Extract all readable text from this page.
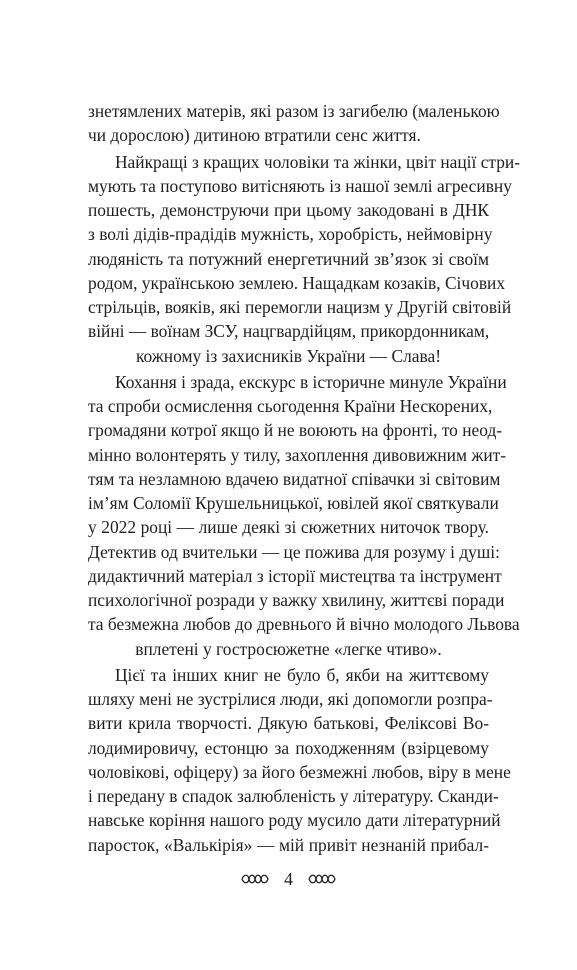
знетямлених матерів, які разом із загибелю (маленькою
чи дорослою) дитиною втратили сенс життя.
Найкращі з кращих чоловіки та жінки, цвіт нації стри-
мують та поступово витісняють із нашої землі агресивну
пошесть, демонструючи при цьому закодовані в ДНК
з волі дідів-прадідів мужність, хоробрість, неймовірну
людяність та потужний енергетичний зв’язок зі своїм
родом, українською землею. Нащадкам козаків, Січових
стрільців, вояків, які перемогли нацизм у Другій світовій
війні — воїнам ЗСУ, нацгвардійцям, прикордонникам,
кожному із захисників України — Слава!
Кохання і зрада, екскурс в історичне минуле України
та спроби осмислення сьогодення Країни Нескорених,
громадяни котрої якщо й не воюють на фронті, то неод-
мінно волонтерять у тилу, захоплення дивовижним жит-
тям та незламною вдачею видатної співачки зі світовим
ім’ям Соломії Крушельницької, ювілей якої святкували
у 2022 році — лише деякі зі сюжетних ниточок твору.
Детектив од вчительки — це пожива для розуму і душі:
дидактичний матеріал з історії мистецтва та інструмент
психологічної розради у важку хвилину, життєві поради
та безмежна любов до древнього й вічно молодого Львова
вплетені у гостросюжетне «легке чтиво».
Цієї та інших книг не було б, якби на життєвому
шляху мені не зустрілися люди, які допомогли розпра-
вити крила творчості. Дякую батькові, Феліксові Во-
лодимировичу, естонцю за походженням (взірцевому
чоловікові, офіцеру) за його безмежні любов, віру в мене
і передану в спадок залюбленість у літературу. Сканди-
навське коріння нашого роду мусило дати літературний
паросток, «Валькірія» — мій привіт незнаній прибал-
4
